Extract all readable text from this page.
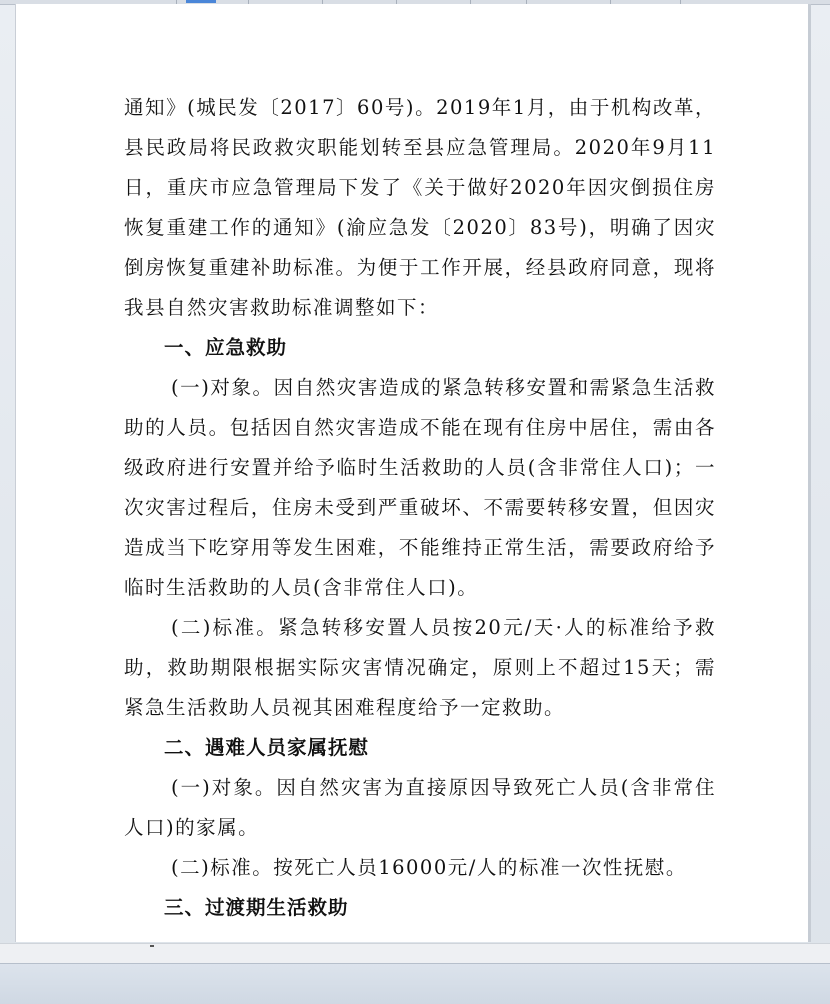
通知》(城民发〔2017〕60号)。2019年1月，由于机构改革，县民政局将民政救灾职能划转至县应急管理局。2020年9月11日，重庆市应急管理局下发了《关于做好2020年因灾倒损住房恢复重建工作的通知》(渝应急发〔2020〕83号)，明确了因灾倒房恢复重建补助标准。为便于工作开展，经县政府同意，现将我县自然灾害救助标准调整如下：

一、应急救助

(一)对象。因自然灾害造成的紧急转移安置和需紧急生活救助的人员。包括因自然灾害造成不能在现有住房中居住，需由各级政府进行安置并给予临时生活救助的人员(含非常住人口)；一次灾害过程后，住房未受到严重破坏、不需要转移安置，但因灾造成当下吃穿用等发生困难，不能维持正常生活，需要政府给予临时生活救助的人员(含非常住人口)。

(二)标准。紧急转移安置人员按20元/天·人的标准给予救助，救助期限根据实际灾害情况确定，原则上不超过15天；需紧急生活救助人员视其困难程度给予一定救助。

二、遇难人员家属抚慰

(一)对象。因自然灾害为直接原因导致死亡人员(含非常住人口)的家属。

(二)标准。按死亡人员16000元/人的标准一次性抚慰。

三、过渡期生活救助
